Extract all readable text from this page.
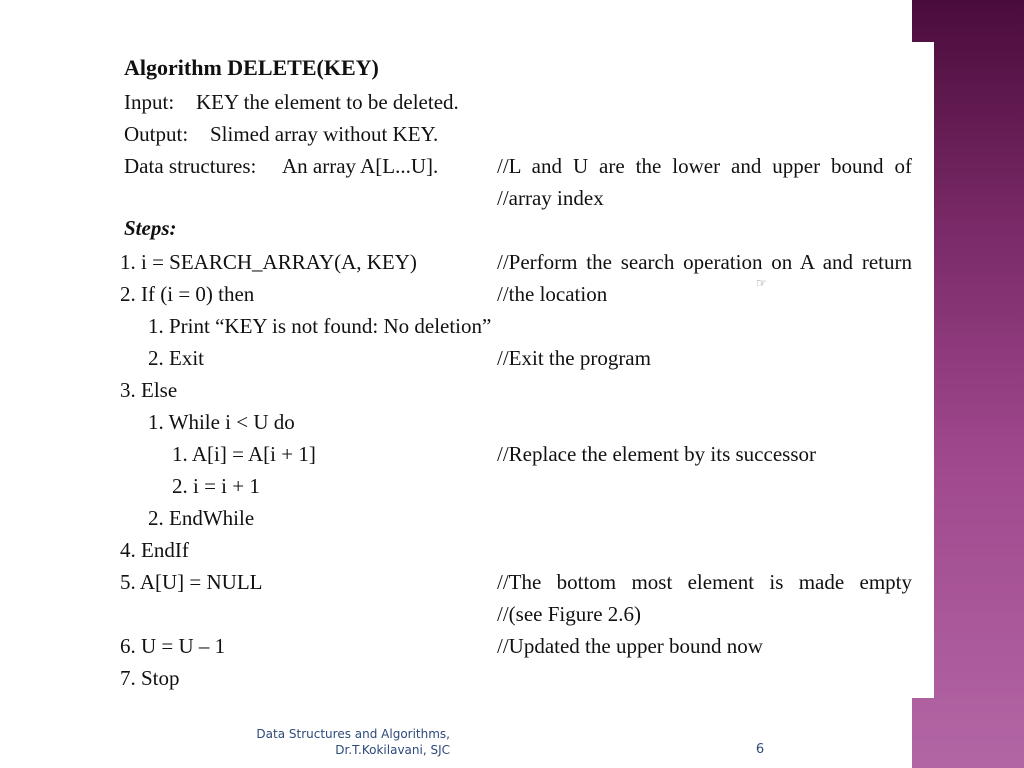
Algorithm DELETE(KEY)
Input: KEY the element to be deleted.
Output: Slimed array without KEY.
Data structures: An array A[L...U].	//L and U are the lower and upper bound of
//array index
Steps:
1. i = SEARCH_ARRAY(A, KEY)	//Perform the search operation on A and return
2. If (i = 0) then	//the location
1. Print “KEY is not found: No deletion”
2. Exit	//Exit the program
3. Else
1. While i < U do
1. A[i] = A[i + 1]	//Replace the element by its successor
2. i = i + 1
2. EndWhile
4. EndIf
5. A[U] = NULL	//The bottom most element is made empty
//(see Figure 2.6)
6. U = U – 1	//Updated the upper bound now
7. Stop
☞
Data Structures and Algorithms,
Dr.T.Kokilavani, SJC	6
